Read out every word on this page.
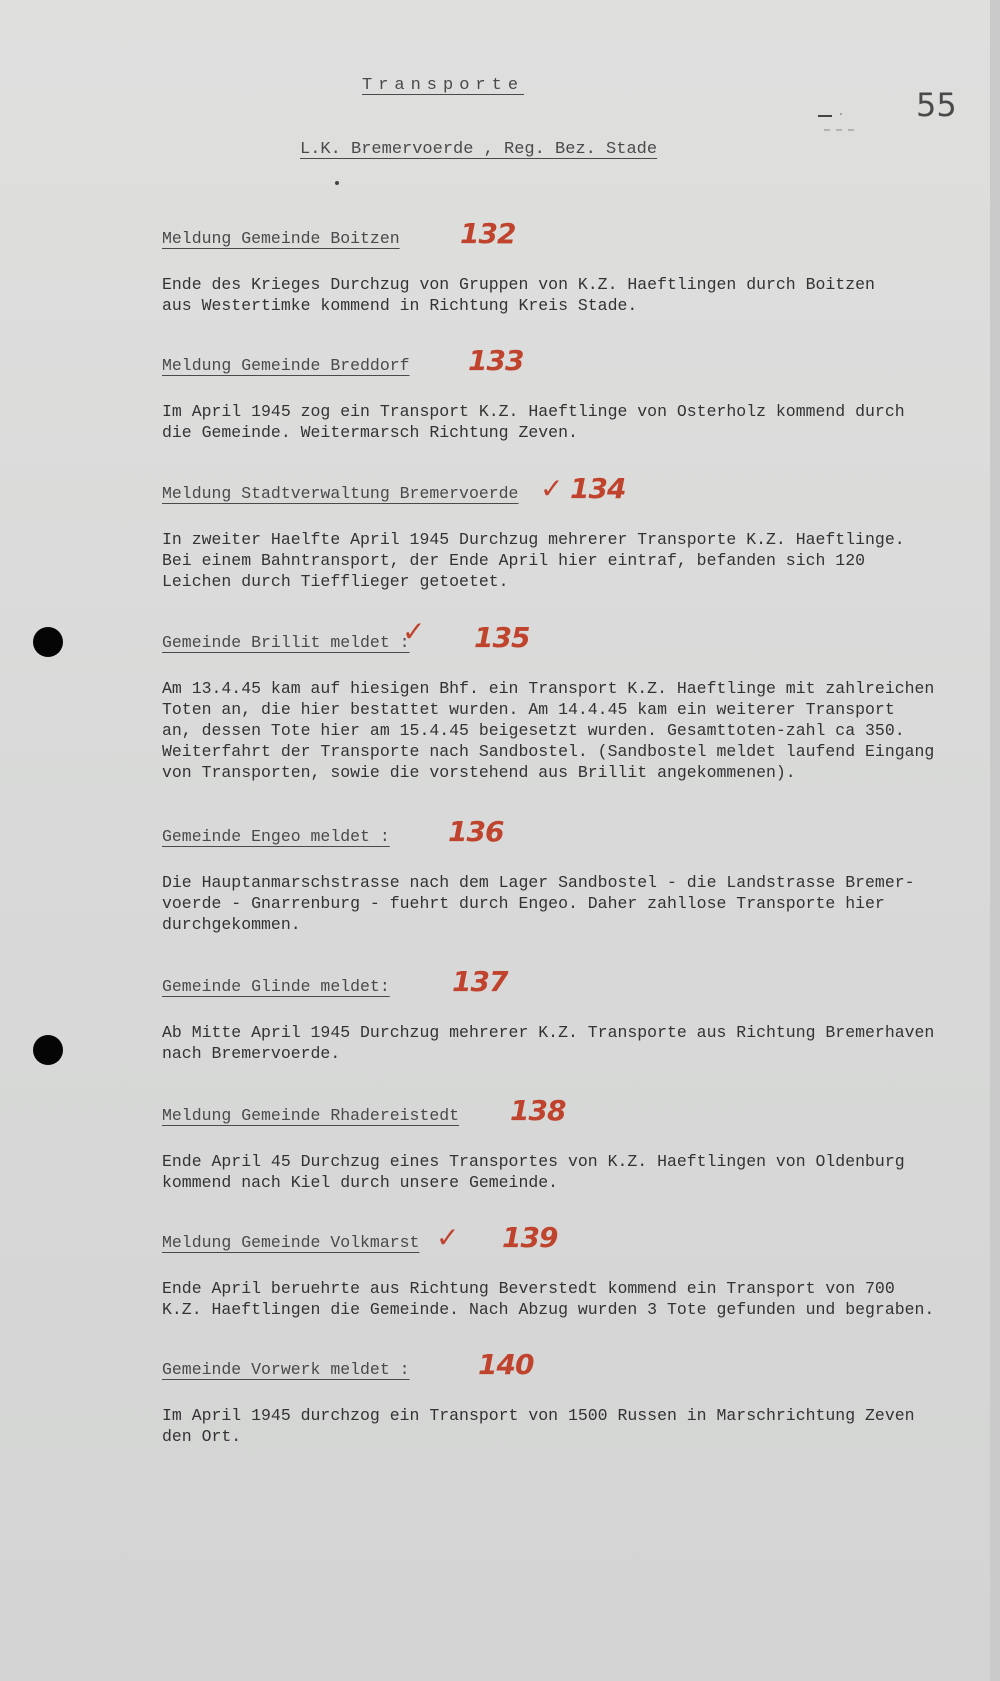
Transporte
55
L.K. Bremervoerde , Reg. Bez. Stade
Meldung Gemeinde Boitzen 132
Ende des Krieges Durchzug von Gruppen von K.Z. Haeftlingen durch Boitzen
aus Westertimke kommend in Richtung Kreis Stade.
Meldung Gemeinde Breddorf 133
Im April 1945 zog ein Transport K.Z. Haeftlinge von Osterholz kommend durch
die Gemeinde. Weitermarsch Richtung Zeven.
Meldung Stadtverwaltung Bremervoerde ✓ 134
In zweiter Haelfte April 1945 Durchzug mehrerer Transporte K.Z. Haeftlinge.
Bei einem Bahntransport, der Ende April hier eintraf, befanden sich 120
Leichen durch Tiefflieger getoetet.
Gemeinde Brillit meldet :
✓ 135
Am 13.4.45 kam auf hiesigen Bhf. ein Transport K.Z. Haeftlinge mit zahlreichen
Toten an, die hier bestattet wurden. Am 14.4.45 kam ein weiterer Transport
an, dessen Tote hier am 15.4.45 beigesetzt wurden. Gesamttoten-zahl ca 350.
Weiterfahrt der Transporte nach Sandbostel. (Sandbostel meldet laufend Eingang
von Transporten, sowie die vorstehend aus Brillit angekommenen).
Gemeinde Engeo meldet : 136
Die Hauptanmarschstrasse nach dem Lager Sandbostel - die Landstrasse Bremer-
voerde - Gnarrenburg - fuehrt durch Engeo. Daher zahllose Transporte hier
durchgekommen.
Gemeinde Glinde meldet: 137
Ab Mitte April 1945 Durchzug mehrerer K.Z. Transporte aus Richtung Bremerhaven
nach Bremervoerde.
Meldung Gemeinde Rhadereistedt 138
Ende April 45 Durchzug eines Transportes von K.Z. Haeftlingen von Oldenburg
kommend nach Kiel durch unsere Gemeinde.
Meldung Gemeinde Volkmarst ✓ 139
Ende April beruehrte aus Richtung Beverstedt kommend ein Transport von 700
K.Z. Haeftlingen die Gemeinde. Nach Abzug wurden 3 Tote gefunden und begraben.
Gemeinde Vorwerk meldet : 140
Im April 1945 durchzog ein Transport von 1500 Russen in Marschrichtung Zeven
den Ort.
